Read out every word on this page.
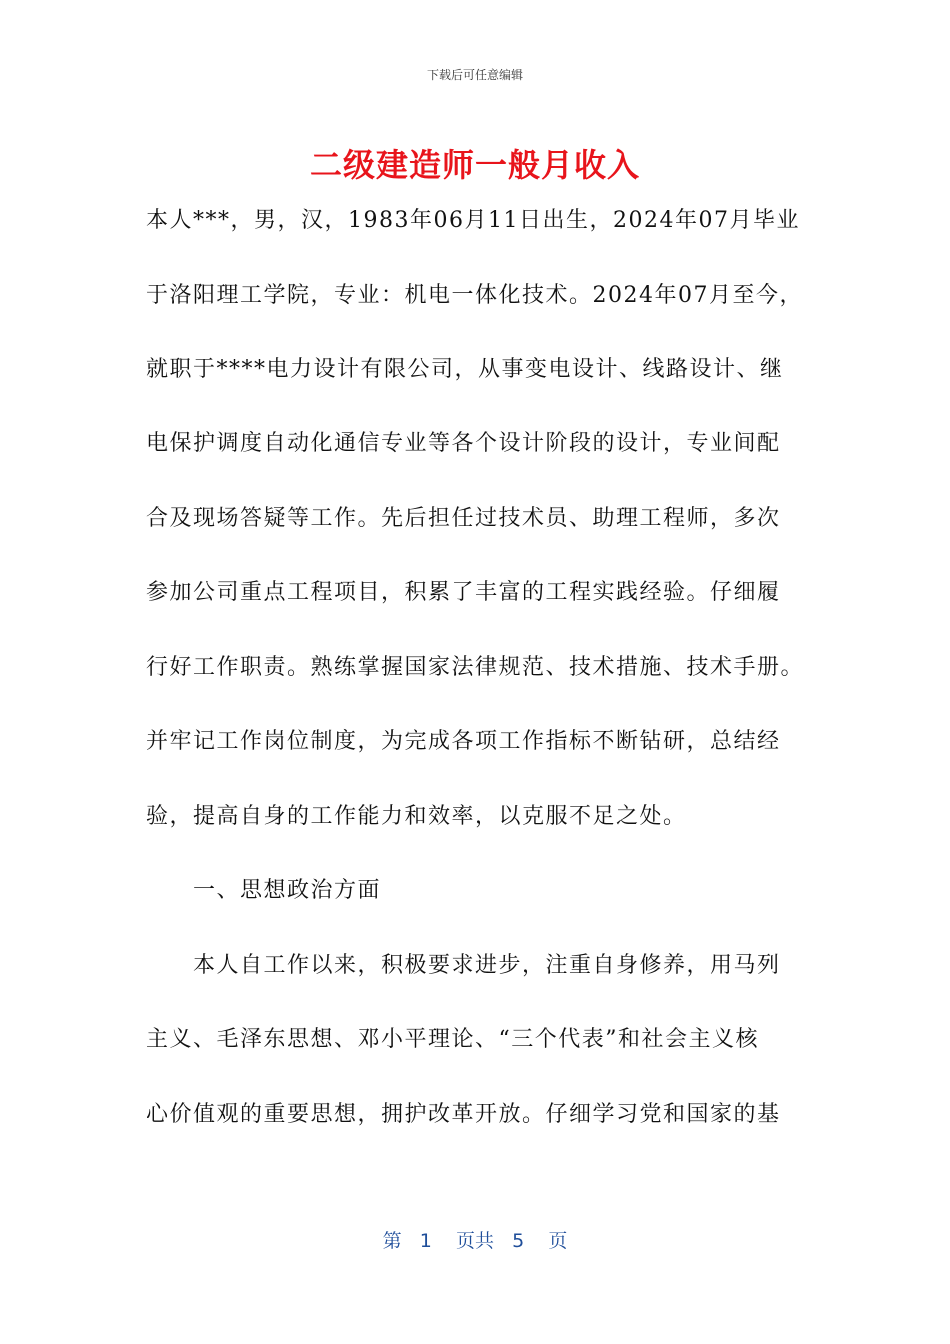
下载后可任意编辑
二级建造师一般月收入
本人***，男，汉，1983年06月11日出生，2024年07月毕业
于洛阳理工学院，专业：机电一体化技术。2024年07月至今，
就职于****电力设计有限公司，从事变电设计、线路设计、继
电保护调度自动化通信专业等各个设计阶段的设计，专业间配
合及现场答疑等工作。先后担任过技术员、助理工程师，多次
参加公司重点工程项目，积累了丰富的工程实践经验。仔细履
行好工作职责。熟练掌握国家法律规范、技术措施、技术手册。
并牢记工作岗位制度，为完成各项工作指标不断钻研，总结经
验，提高自身的工作能力和效率，以克服不足之处。
一、思想政治方面
本人自工作以来，积极要求进步，注重自身修养，用马列
主义、毛泽东思想、邓小平理论、“三个代表”和社会主义核
心价值观的重要思想，拥护改革开放。仔细学习党和国家的基
第 1 页共 5 页
